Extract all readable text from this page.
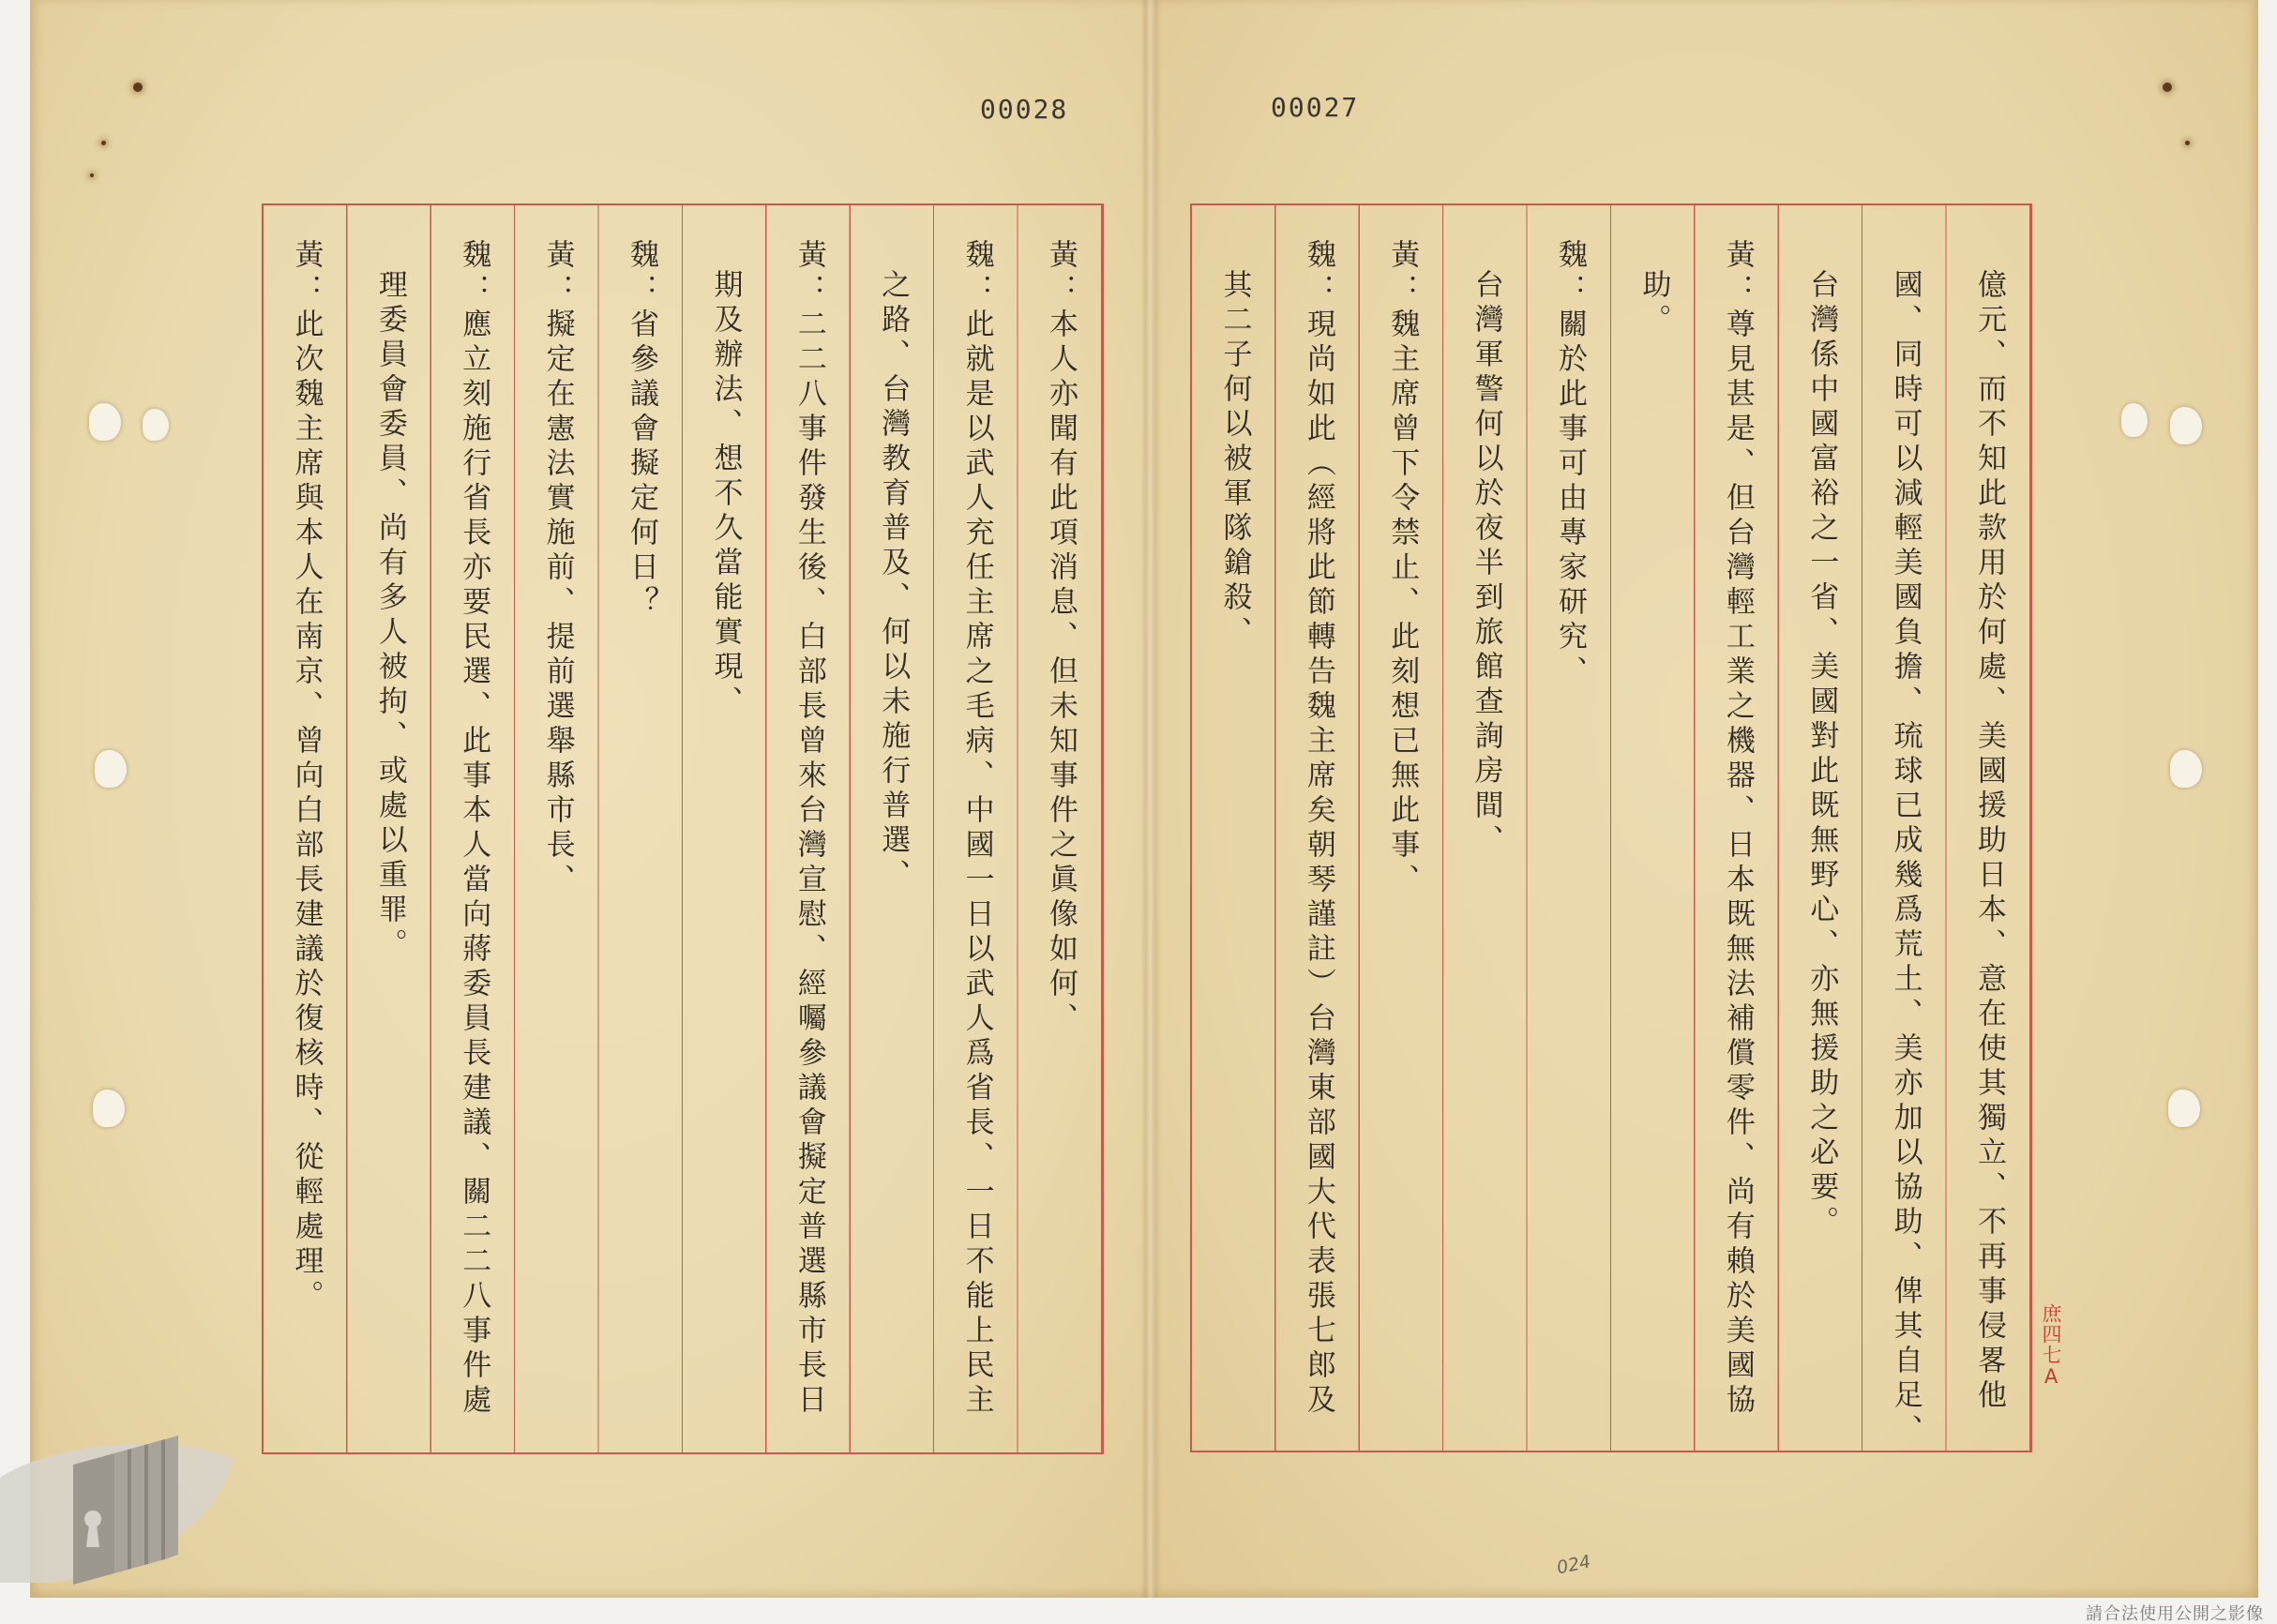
00028	00027
黃：本人亦聞有此項消息、但未知事件之眞像如何、
魏：此就是以武人充任主席之毛病、中國一日以武人爲省長、一日不能上民主
之路、台灣教育普及、何以未施行普選、
黃：二二八事件發生後、白部長曾來台灣宣慰、經囑參議會擬定普選縣市長日
期及辦法、想不久當能實現、
魏：省參議會擬定何日？
黃：擬定在憲法實施前、提前選舉縣市長、
魏：應立刻施行省長亦要民選、此事本人當向蔣委員長建議、關二二八事件處
理委員會委員、尚有多人被拘、或處以重罪。
黃：此次魏主席與本人在南京、曾向白部長建議於復核時、從輕處理。	億元、而不知此款用於何處、美國援助日本、意在使其獨立、不再事侵畧他
國、同時可以減輕美國負擔、琉球已成幾爲荒土、美亦加以協助、俾其自足、
台灣係中國富裕之一省、美國對此既無野心、亦無援助之必要。
黃：尊見甚是、但台灣輕工業之機器、日本既無法補償零件、尚有賴於美國協
助。
魏：關於此事可由專家研究、
台灣軍警何以於夜半到旅館查詢房間、
黃：魏主席曾下令禁止、此刻想已無此事、
魏：現尚如此（經將此節轉告魏主席矣朝琴謹註）台灣東部國大代表張七郎及
其二子何以被軍隊鎗殺、
庶四七A
024
請合法使用公開之影像
